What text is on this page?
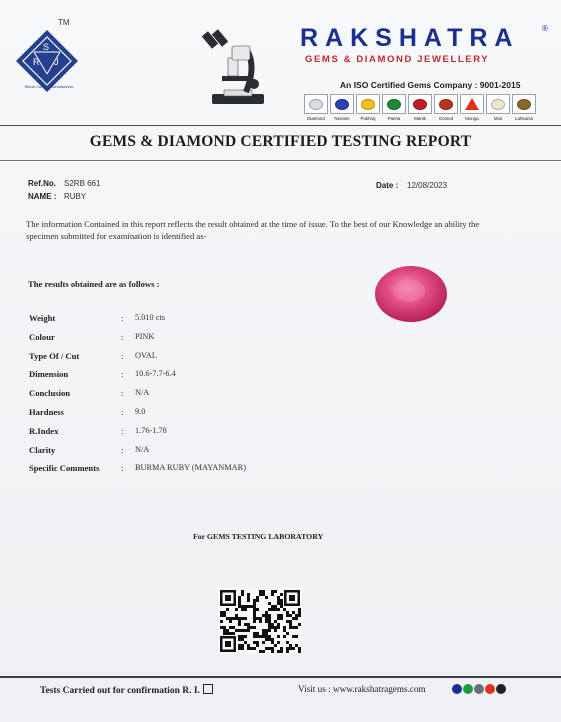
TM
S
R J
Stone Cutting Manufacturer
RAKSHATRA	®
GEMS & DIAMOND JEWELLERY
An ISO Certified Gems Company : 9001-2015
Diamond	Neelam	Pukhraj	Panna	Manik	Gomed	Munga	Moti	Lahsunia
GEMS & DIAMOND CERTIFIED TESTING REPORT
Ref.No. S2RB 661
NAME : RUBY
Date : 12/08/2023
The information Contained in this report reflects the result obtained at the time of issue. To the best of our Knowledge an ability the specimen submitted for examination is identified as-
The results obtained are as follows :
Weight	: 5.010 cts
Colour	: PINK
Type Of / Cut	: OVAL
Dimension	: 10.6-7.7-6.4
Conclusion	: N/A
Hardness	: 9.0
R.Index	: 1.76-1.78
Clarity	: N/A
Specific Comments	: BURMA RUBY (MAYANMAR)
For GEMS TESTING LABORATORY
Tests Carried out for confirmation R. I.	Visit us : www.rakshatragems.com
